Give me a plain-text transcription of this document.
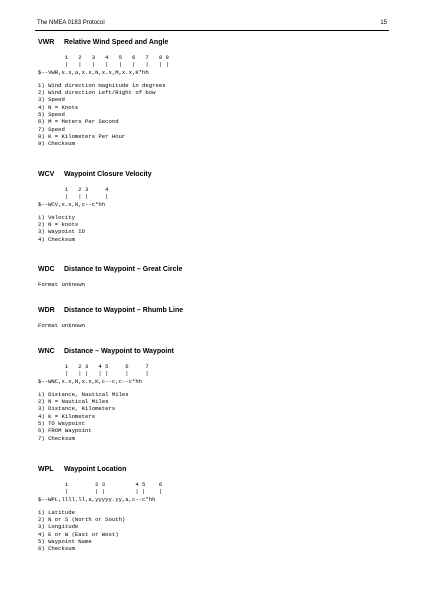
The NMEA 0183 Protocol	15
VWR Relative Wind Speed and Angle
1   2   3   4   5   6   7   8 9
|   |   |   |   |   |   |   | |
$--VWR,x.x,a,x.x,N,x.x,M,x.x,K*hh
1) Wind direction magnitude in degrees
2) Wind direction Left/Right of bow
3) Speed
4) N = Knots
5) Speed
6) M = Meters Per Second
7) Speed
8) K = Kilometers Per Hour
9) Checksum
WCV Waypoint Closure Velocity
1   2 3     4
|   | |     |
$--WCV,x.x,N,c--c*hh
1) Velocity
2) N = knots
3) Waypoint ID
4) Checksum
WDC Distance to Waypoint – Great Circle
Format unknown
WDR Distance to Waypoint – Rhumb Line
Format unknown
WNC Distance – Waypoint to Waypoint
1   2 3   4 5     6     7
|   | |   | |     |     |
$--WNC,x.x,N,x.x,K,c--c,c--c*hh
1) Distance, Nautical Miles
2) N = Nautical Miles
3) Distance, Kilometers
4) K = Kilometers
5) TO Waypoint
6) FROM Waypoint
7) Checksum
WPL Waypoint Location
1        2 3         4 5    6
|        | |         | |    |
$--WPL,llll.ll,a,yyyyy.yy,a,c--c*hh
1) Latitude
2) N or S (North or South)
3) Longitude
4) E or W (East or West)
5) Waypoint Name
6) Checksum
